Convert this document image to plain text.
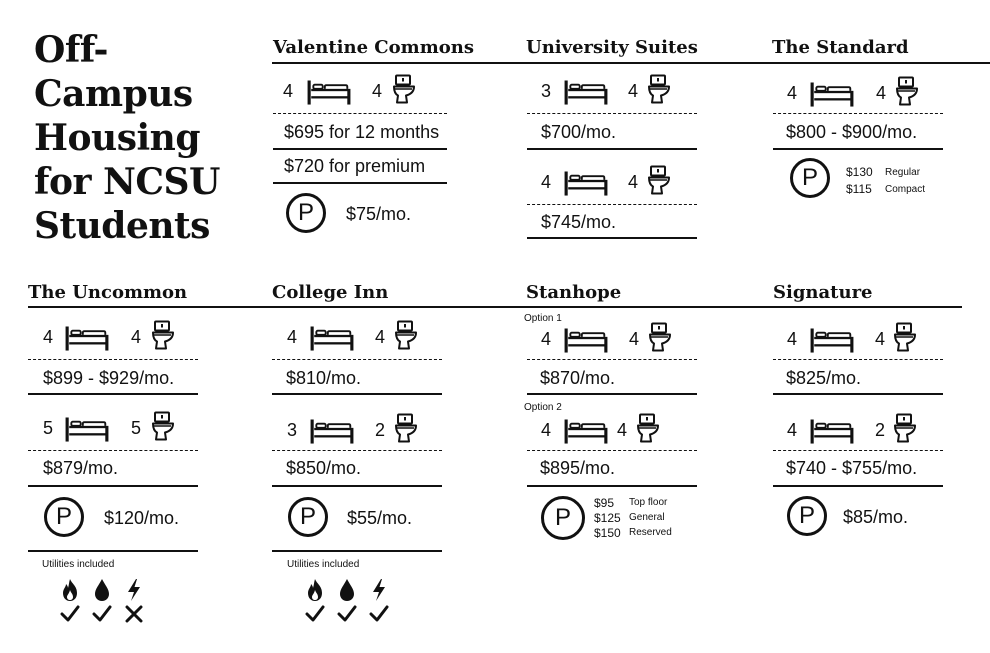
Off-
Campus
Housing
for NCSU
Students
Valentine Commons
4	4
$695 for 12 months
$720 for premium
P	$75/mo.
University Suites
3	4
$700/mo.
4	4
$745/mo.
The Standard
4	4
$800 - $900/mo.
P	$130 Regular
$115 Compact
The Uncommon
4	4
$899 - $929/mo.
5	5
$879/mo.
P	$120/mo.
Utilities included
College Inn
4	4
$810/mo.
3	2
$850/mo.
P	$55/mo.
Utilities included
Stanhope
Option 1
4	4
$870/mo.
Option 2
4	4
$895/mo.
P
$95 Top floor
$125 General
$150 Reserved
Signature
4	4
$825/mo.
4	2
$740 - $755/mo.
P	$85/mo.
